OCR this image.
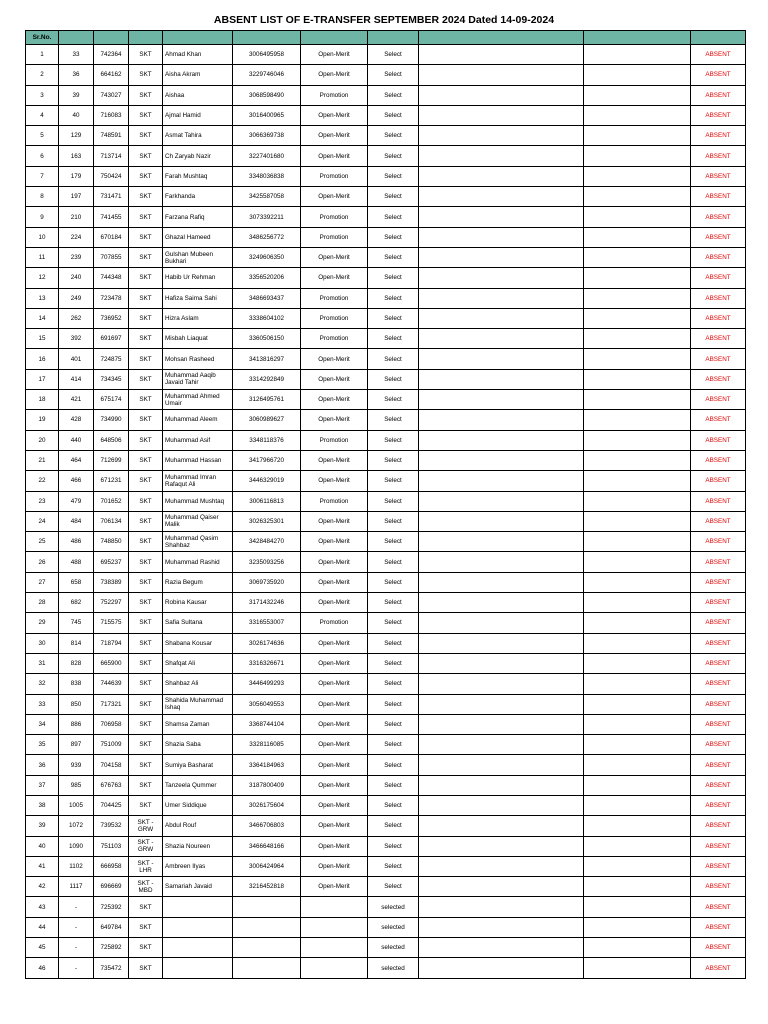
ABSENT LIST OF E-TRANSFER SEPTEMBER 2024 Dated 14-09-2024
Sr.No.										
1	33	742364	SKT	Ahmad Khan	3006495958	Open-Merit	Select			ABSENT
2	36	664162	SKT	Aisha Akram	3229746046	Open-Merit	Select			ABSENT
3	39	743027	SKT	Aishaa	3068598490	Promotion	Select			ABSENT
4	40	716083	SKT	Ajmal Hamid	3016400965	Open-Merit	Select			ABSENT
5	129	748591	SKT	Asmat Tahira	3066369738	Open-Merit	Select			ABSENT
6	163	713714	SKT	Ch Zaryab Nazir	3227401680	Open-Merit	Select			ABSENT
7	179	750424	SKT	Farah Mushtaq	3348036838	Promotion	Select			ABSENT
8	197	731471	SKT	Farkhanda	3425587058	Open-Merit	Select			ABSENT
9	210	741455	SKT	Farzana Rafiq	3073392211	Promotion	Select			ABSENT
10	224	670184	SKT	Ghazal Hameed	3486256772	Promotion	Select			ABSENT
11	239	707855	SKT	Gulshan Mubeen Bukhari	3249606350	Open-Merit	Select			ABSENT
12	240	744348	SKT	Habib Ur Rehman	3356520206	Open-Merit	Select			ABSENT
13	249	723478	SKT	Hafiza Saima Sahi	3486693437	Promotion	Select			ABSENT
14	262	736952	SKT	Hizra Aslam	3338604102	Promotion	Select			ABSENT
15	392	691697	SKT	Misbah Liaquat	3360506150	Promotion	Select			ABSENT
16	401	724875	SKT	Mohsan Rasheed	3413816297	Open-Merit	Select			ABSENT
17	414	734345	SKT	Muhammad Aaqib Javaid Tahir	3314292849	Open-Merit	Select			ABSENT
18	421	675174	SKT	Muhammad Ahmed Umair	3126495761	Open-Merit	Select			ABSENT
19	428	734990	SKT	Muhammad Aleem	3060989627	Open-Merit	Select			ABSENT
20	440	648506	SKT	Muhammad Asif	3348118376	Promotion	Select			ABSENT
21	464	712699	SKT	Muhammad Hassan	3417966720	Open-Merit	Select			ABSENT
22	466	671231	SKT	Muhammad Imran Rafaqut Ali	3446329019	Open-Merit	Select			ABSENT
23	479	701652	SKT	Muhammad Mushtaq	3006116813	Promotion	Select			ABSENT
24	484	706134	SKT	Muhammad Qaiser Malik	3026325301	Open-Merit	Select			ABSENT
25	486	748850	SKT	Muhammad Qasim Shahbaz	3428484270	Open-Merit	Select			ABSENT
26	488	695237	SKT	Muhammad Rashid	3235093256	Open-Merit	Select			ABSENT
27	658	738389	SKT	Razia Begum	3069735920	Open-Merit	Select			ABSENT
28	682	752297	SKT	Robina Kausar	3171432246	Open-Merit	Select			ABSENT
29	745	715575	SKT	Safia Sultana	3316553007	Promotion	Select			ABSENT
30	814	718794	SKT	Shabana Kousar	3026174636	Open-Merit	Select			ABSENT
31	828	665900	SKT	Shafqat Ali	3316326671	Open-Merit	Select			ABSENT
32	838	744639	SKT	Shahbaz Ali	3446499293	Open-Merit	Select			ABSENT
33	850	717321	SKT	Shahida Muhammad Ishaq	3056049553	Open-Merit	Select			ABSENT
34	886	706958	SKT	Shamsa Zaman	3368744104	Open-Merit	Select			ABSENT
35	897	751009	SKT	Shazia Saba	3328116085	Open-Merit	Select			ABSENT
36	939	704158	SKT	Sumiya Basharat	3364184963	Open-Merit	Select			ABSENT
37	985	676763	SKT	Tanzeela Qummer	3187800409	Open-Merit	Select			ABSENT
38	1005	704425	SKT	Umer Siddique	3026175604	Open-Merit	Select			ABSENT
39	1072	739532	SKT - GRW	Abdul Rouf	3466706803	Open-Merit	Select			ABSENT
40	1090	751103	SKT - GRW	Shazia Noureen	3466648166	Open-Merit	Select			ABSENT
41	1102	666958	SKT - LHR	Ambreen Ilyas	3006424964	Open-Merit	Select			ABSENT
42	1117	696669	SKT - MBD	Samariah Javaid	3216452818	Open-Merit	Select			ABSENT
43	-	725392	SKT				selected			ABSENT
44	-	649784	SKT				selected			ABSENT
45	-	725892	SKT				selected			ABSENT
46	-	735472	SKT				selected			ABSENT
